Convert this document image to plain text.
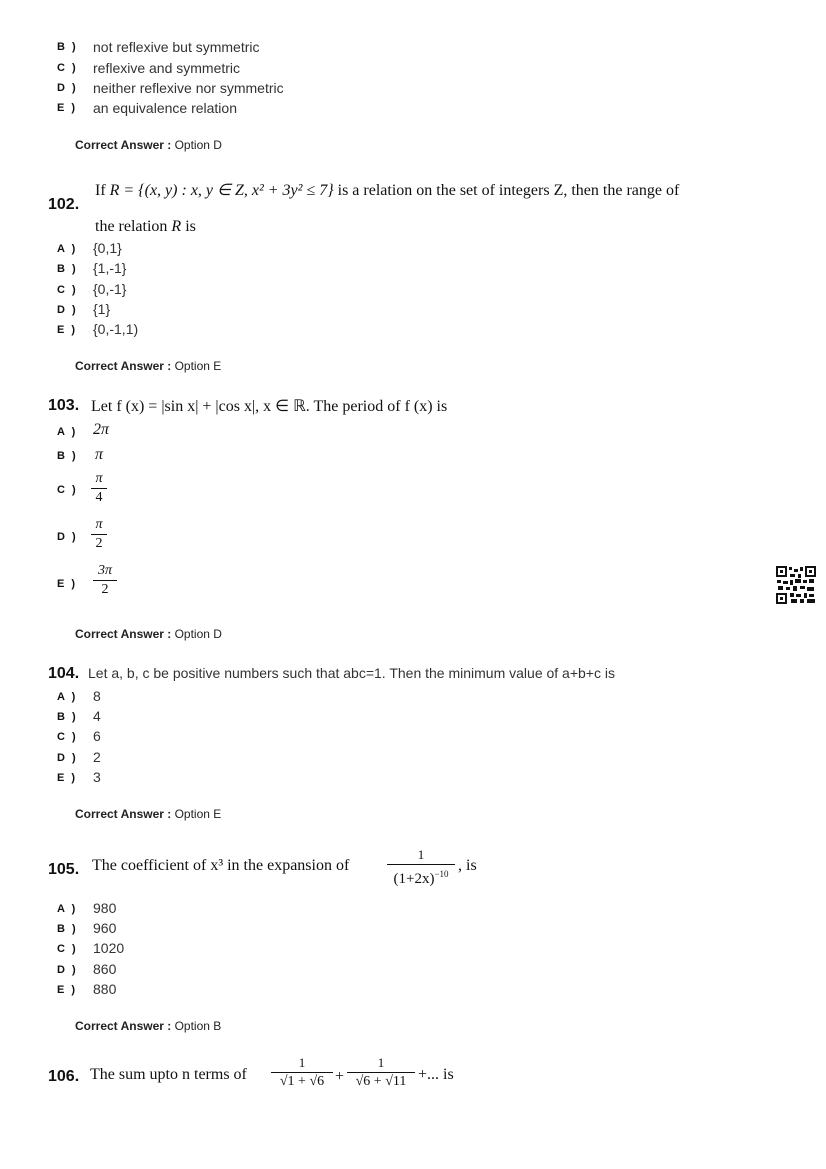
B ) not reflexive but symmetric
C ) reflexive and symmetric
D ) neither reflexive nor symmetric
E ) an equivalence relation
Correct Answer : Option D
102.
If R = {(x, y) : x, y ∈ Z, x² + 3y² ≤ 7} is a relation on the set of integers Z, then the range of
the relation R is
A ) {0,1}
B ) {1,-1}
C ) {0,-1}
D ) {1}
E ) {0,-1,1)
Correct Answer : Option E
103. Let f (x) = |sin x| + |cos x|, x ∈ ℝ. The period of f (x) is
A ) 2π
B ) π
C )
π
4
D )
π
2
E )
3π
2
Correct Answer : Option D
104. Let a, b, c be positive numbers such that abc=1. Then the minimum value of a+b+c is
A ) 8
B ) 4
C ) 6
D ) 2
E ) 3
Correct Answer : Option E
105. The coefficient of x³ in the expansion of
1
$(1+2x)^{-10}$ , is
A ) 980
B ) 960
C ) 1020
D ) 860
E ) 880
Correct Answer : Option B
106. The sum upto n terms of
1
√1 + √6 +
1
√6 + √11 +... is
